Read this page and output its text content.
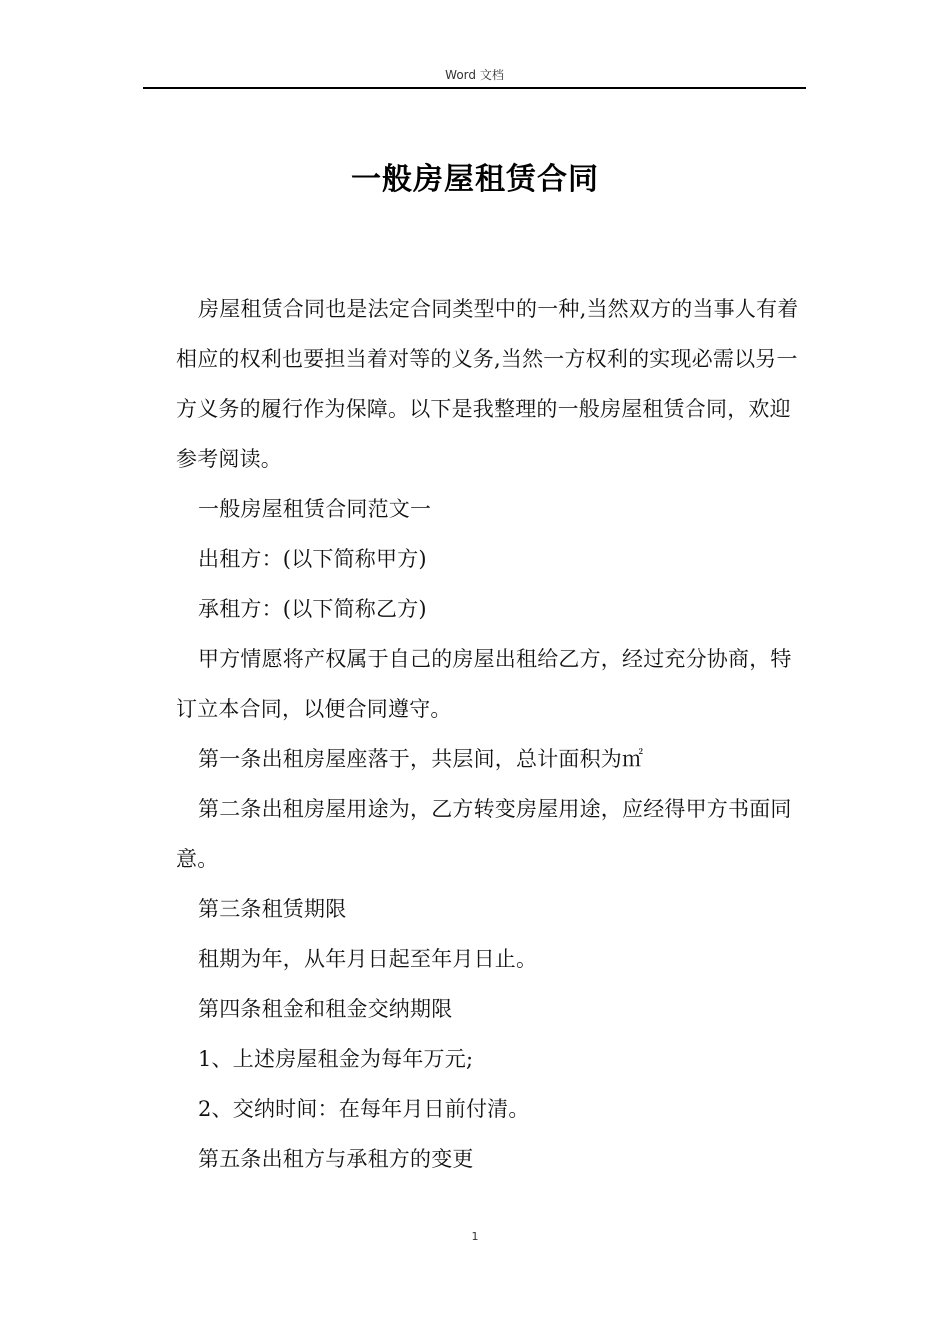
Word 文档
一般房屋租赁合同

房屋租赁合同也是法定合同类型中的一种,当然双方的当事人有着相应的权利也要担当着对等的义务,当然一方权利的实现必需以另一方义务的履行作为保障。以下是我整理的一般房屋租赁合同，欢迎参考阅读。

一般房屋租赁合同范文一

出租方：(以下简称甲方)

承租方：(以下简称乙方)

甲方情愿将产权属于自己的房屋出租给乙方，经过充分协商，特订立本合同，以便合同遵守。

第一条出租房屋座落于，共层间，总计面积为㎡

第二条出租房屋用途为，乙方转变房屋用途，应经得甲方书面同意。

第三条租赁期限

租期为年，从年月日起至年月日止。

第四条租金和租金交纳期限

1、上述房屋租金为每年万元;

2、交纳时间：在每年月日前付清。

第五条出租方与承租方的变更

1
